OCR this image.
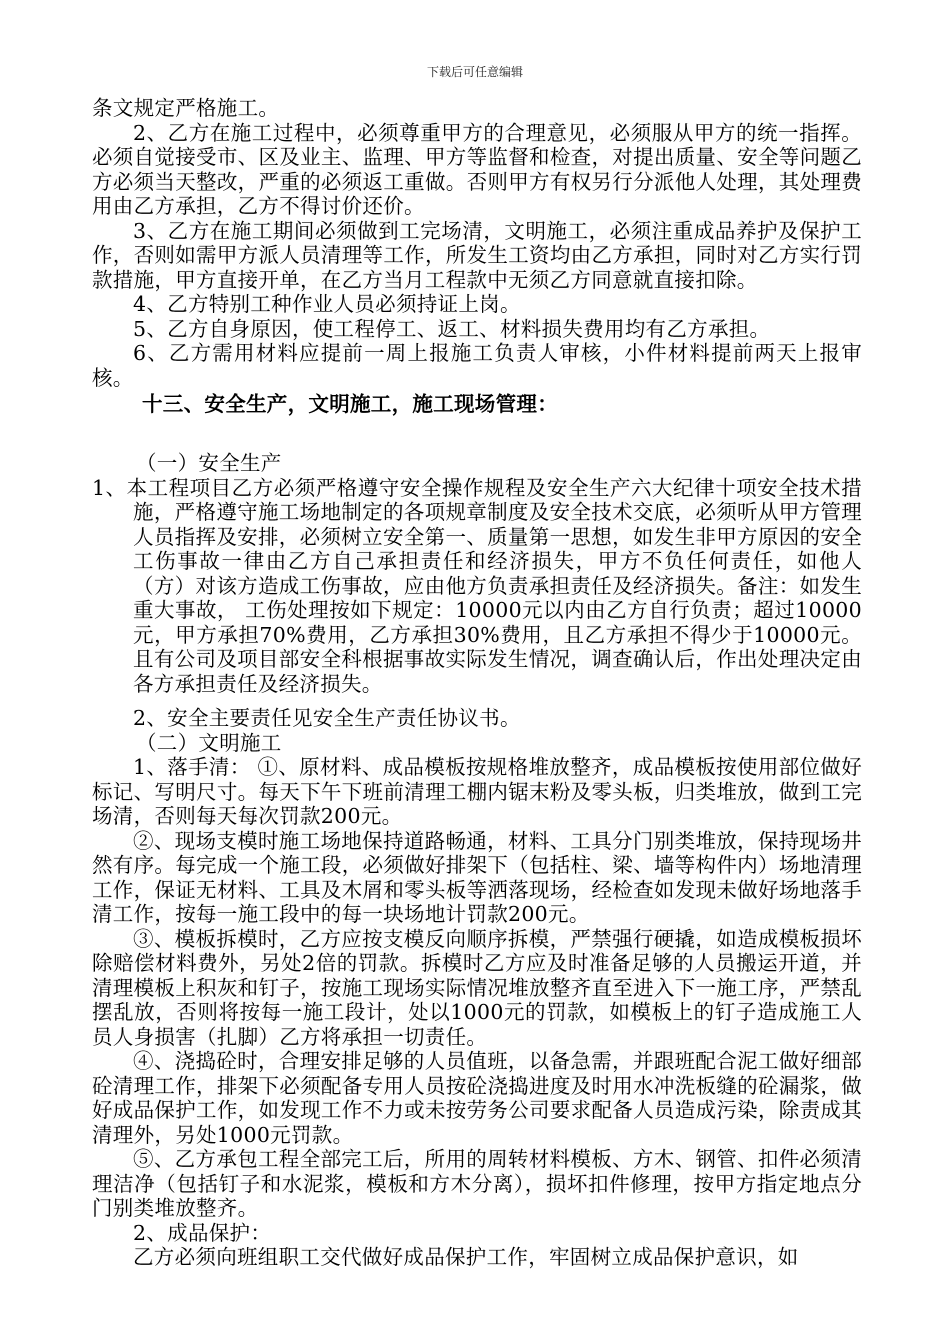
下载后可任意编辑

条文规定严格施工。

2、乙方在施工过程中，必须尊重甲方的合理意见，必须服从甲方的统一指挥。必须自觉接受市、区及业主、监理、甲方等监督和检查，对提出质量、安全等问题乙方必须当天整改，严重的必须返工重做。否则甲方有权另行分派他人处理，其处理费用由乙方承担，乙方不得讨价还价。

3、乙方在施工期间必须做到工完场清，文明施工，必须注重成品养护及保护工作，否则如需甲方派人员清理等工作，所发生工资均由乙方承担，同时对乙方实行罚款措施，甲方直接开单，在乙方当月工程款中无须乙方同意就直接扣除。

4、乙方特别工种作业人员必须持证上岗。

5、乙方自身原因，使工程停工、返工、材料损失费用均有乙方承担。

6、乙方需用材料应提前一周上报施工负责人审核，小件材料提前两天上报审核。

十三、安全生产，文明施工，施工现场管理：

（一）安全生产

1、本工程项目乙方必须严格遵守安全操作规程及安全生产六大纪律十项安全技术措施，严格遵守施工场地制定的各项规章制度及安全技术交底，必须听从甲方管理人员指挥及安排，必须树立安全第一、质量第一思想，如发生非甲方原因的安全工伤事故一律由乙方自己承担责任和经济损失，甲方不负任何责任，如他人（方）对该方造成工伤事故，应由他方负责承担责任及经济损失。备注：如发生重大事故， 工伤处理按如下规定：10000元以内由乙方自行负责；超过10000元，甲方承担70%费用，乙方承担30%费用，且乙方承担不得少于10000元。且有公司及项目部安全科根据事故实际发生情况，调查确认后，作出处理决定由各方承担责任及经济损失。

2、安全主要责任见安全生产责任协议书。

（二）文明施工

1、落手清： ①、原材料、成品模板按规格堆放整齐，成品模板按使用部位做好标记、写明尺寸。每天下午下班前清理工棚内锯末粉及零头板，归类堆放，做到工完场清，否则每天每次罚款200元。

②、现场支模时施工场地保持道路畅通，材料、工具分门别类堆放，保持现场井然有序。每完成一个施工段，必须做好排架下（包括柱、梁、墙等构件内）场地清理工作，保证无材料、工具及木屑和零头板等洒落现场，经检查如发现未做好场地落手清工作，按每一施工段中的每一块场地计罚款200元。

③、模板拆模时，乙方应按支模反向顺序拆模，严禁强行硬撬，如造成模板损坏除赔偿材料费外，另处2倍的罚款。拆模时乙方应及时准备足够的人员搬运开道，并清理模板上积灰和钉子，按施工现场实际情况堆放整齐直至进入下一施工序，严禁乱摆乱放，否则将按每一施工段计，处以1000元的罚款，如模板上的钉子造成施工人员人身损害（扎脚）乙方将承担一切责任。

④、浇捣砼时，合理安排足够的人员值班，以备急需，并跟班配合泥工做好细部砼清理工作，排架下必须配备专用人员按砼浇捣进度及时用水冲洗板缝的砼漏浆，做好成品保护工作，如发现工作不力或未按劳务公司要求配备人员造成污染，除责成其清理外，另处1000元罚款。

⑤、乙方承包工程全部完工后，所用的周转材料模板、方木、钢管、扣件必须清理洁净（包括钉子和水泥浆，模板和方木分离），损坏扣件修理，按甲方指定地点分门别类堆放整齐。

2、成品保护：

乙方必须向班组职工交代做好成品保护工作，牢固树立成品保护意识，如
